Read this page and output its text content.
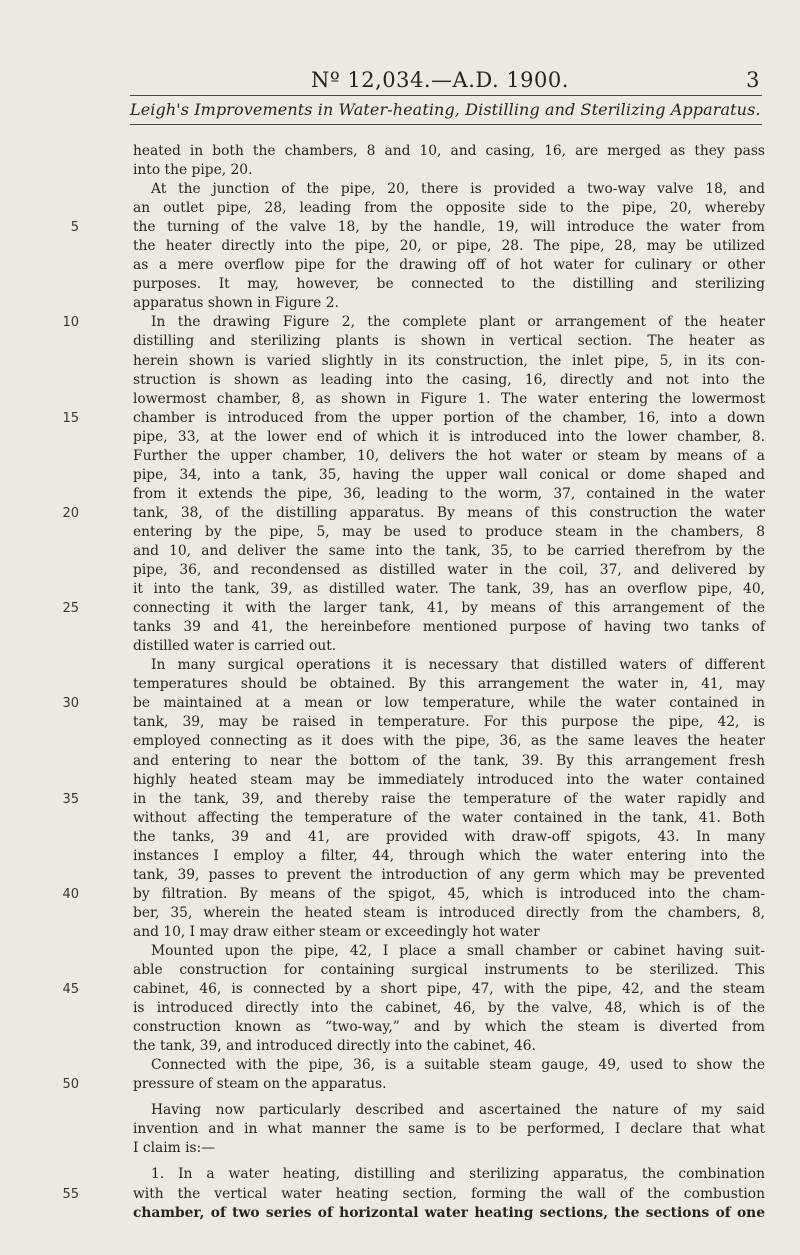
Nº 12,034.—A.D. 1900.	3
Leigh's Improvements in Water-heating, Distilling and Sterilizing Apparatus.
heated in both the chambers, 8 and 10, and casing, 16, are merged as they pass
into the pipe, 20.
At the junction of the pipe, 20, there is provided a two-way valve 18, and
an outlet pipe, 28, leading from the opposite side to the pipe, 20, whereby
the turning of the valve 18, by the handle, 19, will introduce the water from
5
the heater directly into the pipe, 20, or pipe, 28. The pipe, 28, may be utilized
as a mere overflow pipe for the drawing off of hot water for culinary or other
purposes. It may, however, be connected to the distilling and sterilizing
apparatus shown in Figure 2.
In the drawing Figure 2, the complete plant or arrangement of the heater
10
distilling and sterilizing plants is shown in vertical section. The heater as
herein shown is varied slightly in its construction, the inlet pipe, 5, in its con-
struction is shown as leading into the casing, 16, directly and not into the
lowermost chamber, 8, as shown in Figure 1. The water entering the lowermost
chamber is introduced from the upper portion of the chamber, 16, into a down
15
pipe, 33, at the lower end of which it is introduced into the lower chamber, 8.
Further the upper chamber, 10, delivers the hot water or steam by means of a
pipe, 34, into a tank, 35, having the upper wall conical or dome shaped and
from it extends the pipe, 36, leading to the worm, 37, contained in the water
tank, 38, of the distilling apparatus. By means of this construction the water
20
entering by the pipe, 5, may be used to produce steam in the chambers, 8
and 10, and deliver the same into the tank, 35, to be carried therefrom by the
pipe, 36, and recondensed as distilled water in the coil, 37, and delivered by
it into the tank, 39, as distilled water. The tank, 39, has an overflow pipe, 40,
connecting it with the larger tank, 41, by means of this arrangement of the
25
tanks 39 and 41, the hereinbefore mentioned purpose of having two tanks of
distilled water is carried out.
In many surgical operations it is necessary that distilled waters of different
temperatures should be obtained. By this arrangement the water in, 41, may
be maintained at a mean or low temperature, while the water contained in
30
tank, 39, may be raised in temperature. For this purpose the pipe, 42, is
employed connecting as it does with the pipe, 36, as the same leaves the heater
and entering to near the bottom of the tank, 39. By this arrangement fresh
highly heated steam may be immediately introduced into the water contained
in the tank, 39, and thereby raise the temperature of the water rapidly and
35
without affecting the temperature of the water contained in the tank, 41. Both
the tanks, 39 and 41, are provided with draw-off spigots, 43. In many
instances I employ a filter, 44, through which the water entering into the
tank, 39, passes to prevent the introduction of any germ which may be prevented
by filtration. By means of the spigot, 45, which is introduced into the cham-
40
ber, 35, wherein the heated steam is introduced directly from the chambers, 8,
and 10, I may draw either steam or exceedingly hot water
Mounted upon the pipe, 42, I place a small chamber or cabinet having suit-
able construction for containing surgical instruments to be sterilized. This
cabinet, 46, is connected by a short pipe, 47, with the pipe, 42, and the steam
45
is introduced directly into the cabinet, 46, by the valve, 48, which is of the
construction known as “two-way,” and by which the steam is diverted from
the tank, 39, and introduced directly into the cabinet, 46.
Connected with the pipe, 36, is a suitable steam gauge, 49, used to show the
pressure of steam on the apparatus.
50
Having now particularly described and ascertained the nature of my said
invention and in what manner the same is to be performed, I declare that what
I claim is:—
1. In a water heating, distilling and sterilizing apparatus, the combination
with the vertical water heating section, forming the wall of the combustion
55
chamber, of two series of horizontal water heating sections, the sections of one
